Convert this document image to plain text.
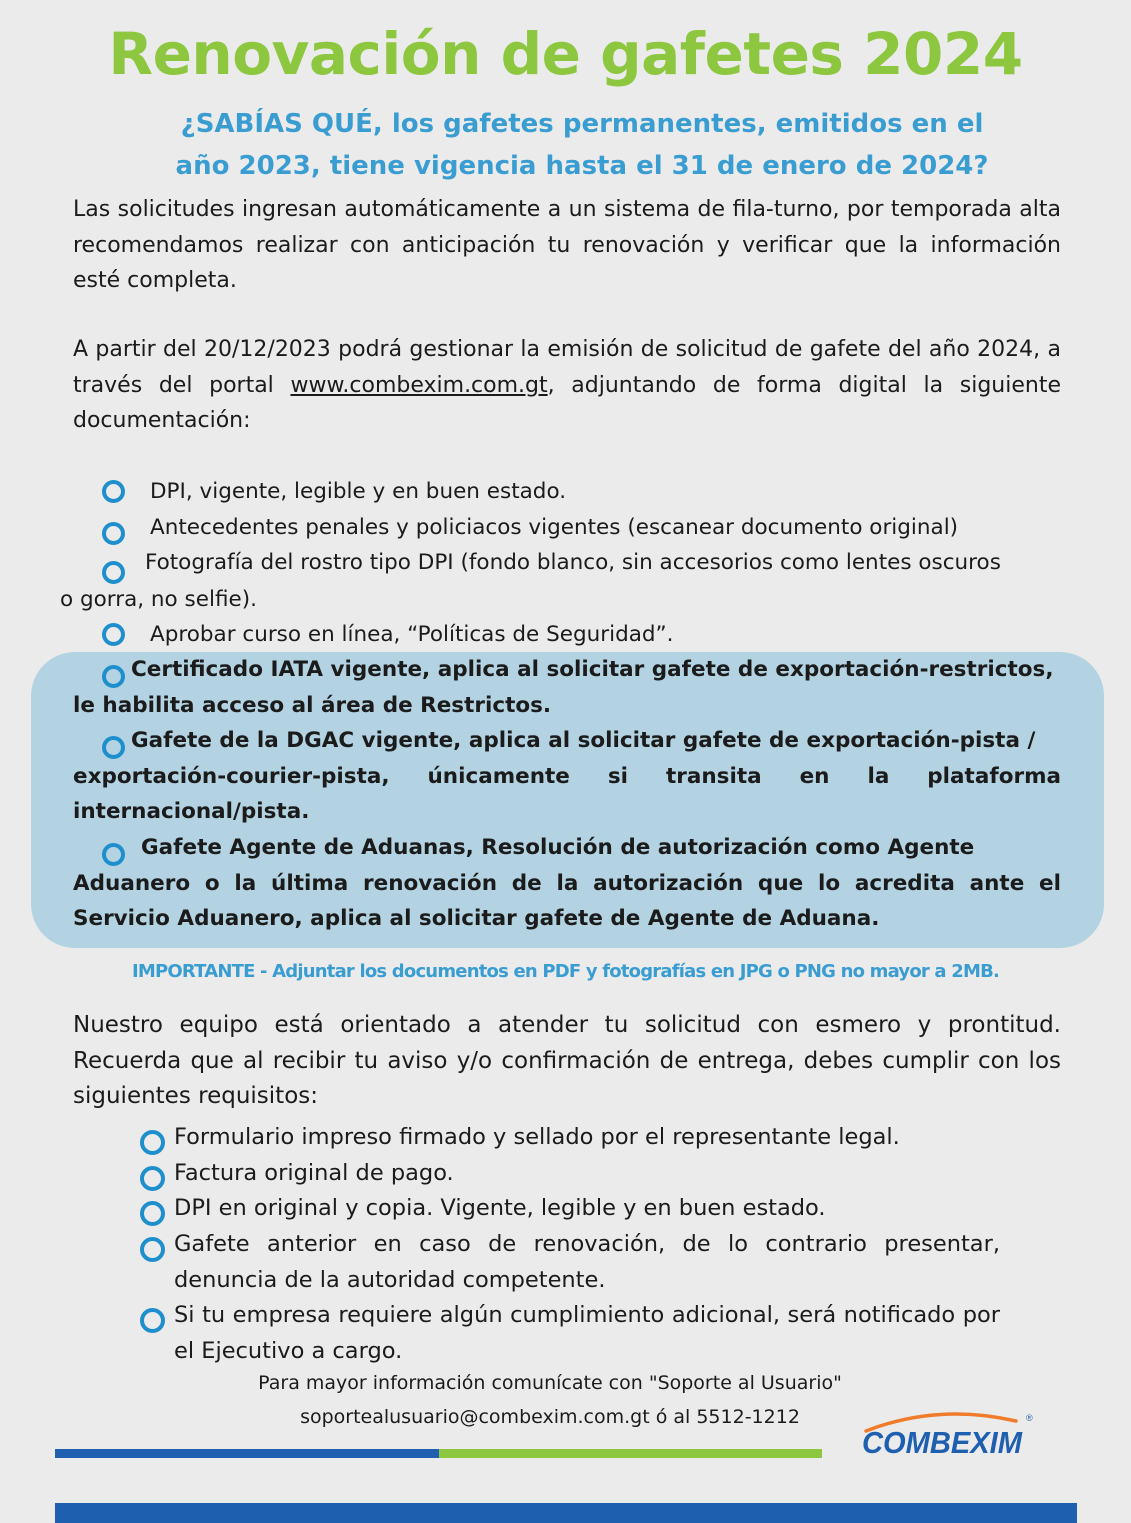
Renovación de gafetes 2024
¿SABÍAS QUÉ, los gafetes permanentes, emitidos en el
año 2023, tiene vigencia hasta el 31 de enero de 2024?

Las solicitudes ingresan automáticamente a un sistema de fila-turno, por temporada alta recomendamos realizar con anticipación tu renovación y verificar que la información esté completa.

A partir del 20/12/2023 podrá gestionar la emisión de solicitud de gafete del año 2024, a través del portal www.combexim.com.gt, adjuntando de forma digital la siguiente documentación:

DPI, vigente, legible y en buen estado.
Antecedentes penales y policiacos vigentes (escanear documento original)
Fotografía del rostro tipo DPI (fondo blanco, sin accesorios como lentes oscuros
o gorra, no selfie).
Aprobar curso en línea, “Políticas de Seguridad”.
Certificado IATA vigente, aplica al solicitar gafete de exportación-restrictos,
le habilita acceso al área de Restrictos.
Gafete de la DGAC vigente, aplica al solicitar gafete de exportación-pista /
exportación-courier-pista, únicamente si transita en la plataforma internacional/pista.
Gafete Agente de Aduanas, Resolución de autorización como Agente
Aduanero o la última renovación de la autorización que lo acredita ante el Servicio Aduanero, aplica al solicitar gafete de Agente de Aduana.
IMPORTANTE - Adjuntar los documentos en PDF y fotografías en JPG o PNG no mayor a 2MB.

Nuestro equipo está orientado a atender tu solicitud con esmero y prontitud. Recuerda que al recibir tu aviso y/o confirmación de entrega, debes cumplir con los siguientes requisitos:

Formulario impreso firmado y sellado por el representante legal.
Factura original de pago.
DPI en original y copia. Vigente, legible y en buen estado.
Gafete anterior en caso de renovación, de lo contrario presentar, denuncia de la autoridad competente.
Si tu empresa requiere algún cumplimiento adicional, será notificado por el Ejecutivo a cargo.
Para mayor información comunícate con "Soporte al Usuario"
soportealusuario@combexim.com.gt ó al 5512-1212
COMBEXIM
®
